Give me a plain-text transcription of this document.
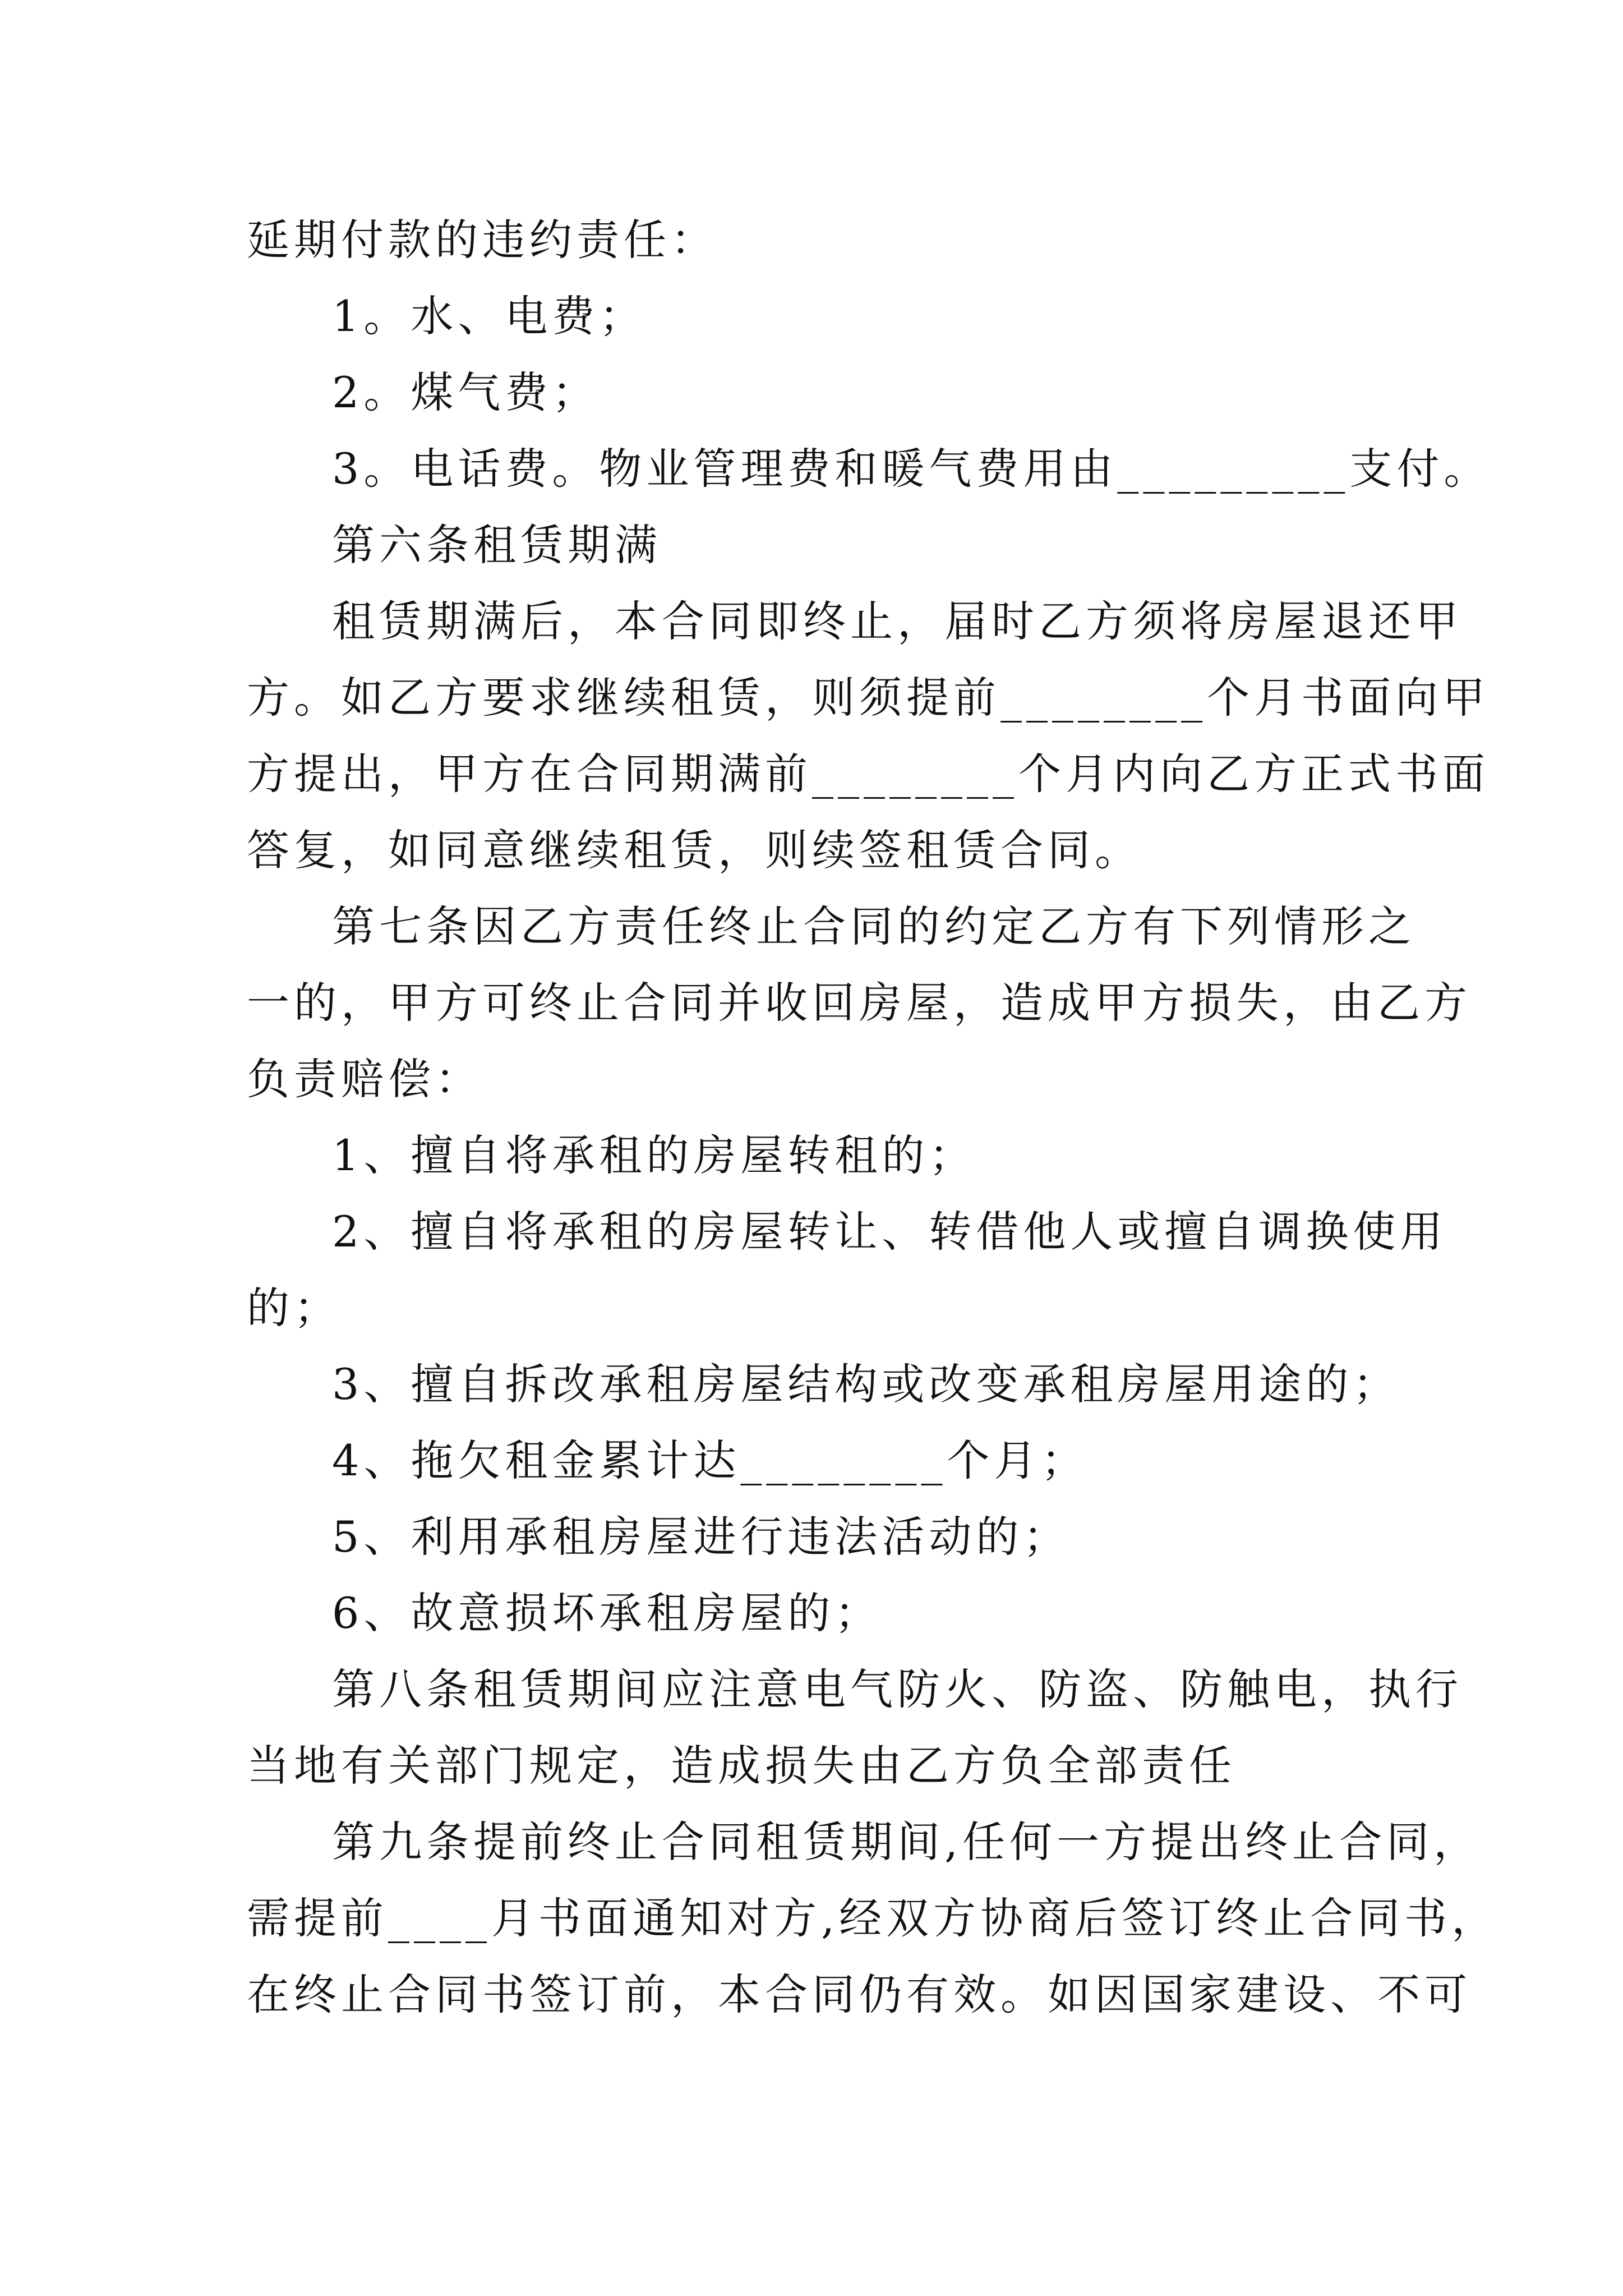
延期付款的违约责任：

1。水、电费；

2。煤气费；

3。电话费。物业管理费和暖气费用由_________支付。

第六条租赁期满

租赁期满后，本合同即终止，届时乙方须将房屋退还甲

方。如乙方要求继续租赁，则须提前________个月书面向甲

方提出，甲方在合同期满前________个月内向乙方正式书面

答复，如同意继续租赁，则续签租赁合同。

第七条因乙方责任终止合同的约定乙方有下列情形之

一的，甲方可终止合同并收回房屋，造成甲方损失，由乙方

负责赔偿：

1、擅自将承租的房屋转租的；

2、擅自将承租的房屋转让、转借他人或擅自调换使用

的；

3、擅自拆改承租房屋结构或改变承租房屋用途的；

4、拖欠租金累计达________个月；

5、利用承租房屋进行违法活动的；

6、故意损坏承租房屋的；

第八条租赁期间应注意电气防火、防盗、防触电，执行

当地有关部门规定，造成损失由乙方负全部责任

第九条提前终止合同租赁期间,任何一方提出终止合同，

需提前____月书面通知对方,经双方协商后签订终止合同书，

在终止合同书签订前，本合同仍有效。如因国家建设、不可
